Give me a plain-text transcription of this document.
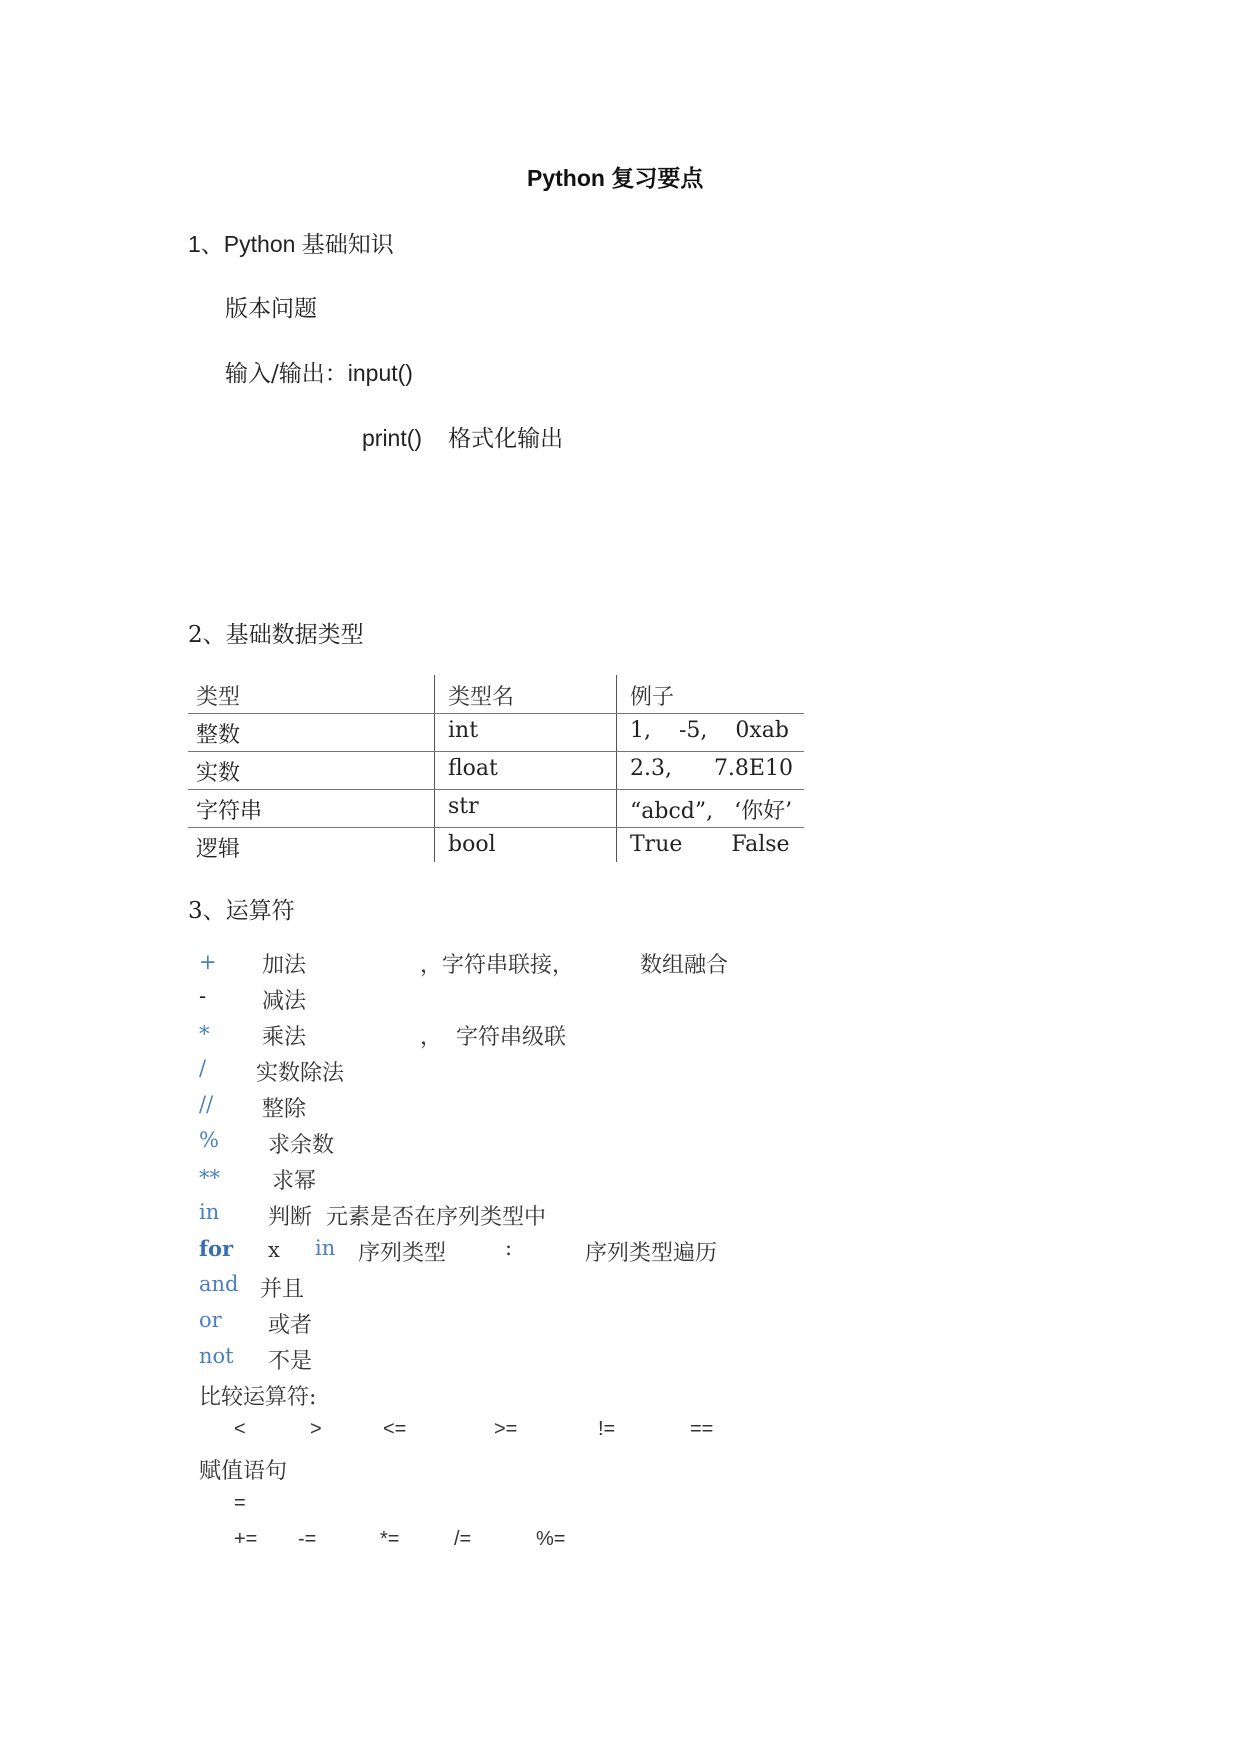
Python 复习要点
1、Python 基础知识
版本问题
输入/输出：input()
print() 格式化输出
2、基础数据类型
类型	类型名	例子
整数	int	1,    -5,    0xab
实数	float	2.3,      7.8E10
字符串	str	“abcd”,   ‘你好’
逻辑	bool	True       False
3、运算符
+ 加法	，字符串联接，	数组融合
-	减法
* 乘法	，  字符串级联
/ 实数除法
// 整除
% 求余数
** 求幂
in 判断  元素是否在序列类型中
for x in 序列类型	:	序列类型遍历
and 并且
or 或者
not 不是
比较运算符:
<	>	<=	>=	!=	==
赋值语句
=
+= -=	*=	/=	%=
